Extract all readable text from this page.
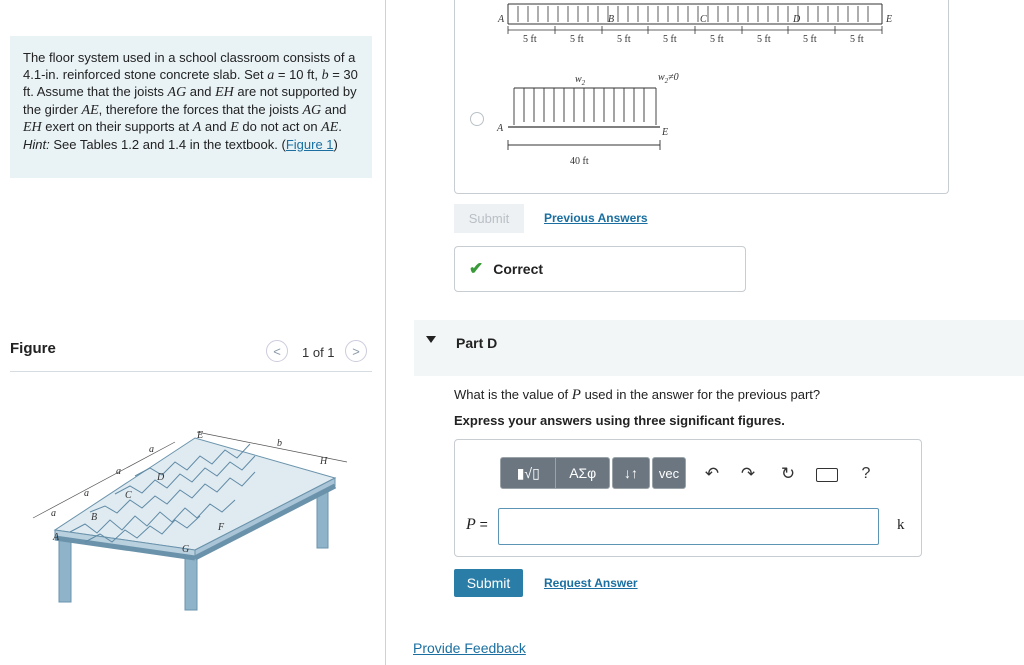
The floor system used in a school classroom consists of a 4.1-in. reinforced stone concrete slab. Set a = 10 ft, b = 30 ft. Assume that the joists AG and EH are not supported by the girder AE, therefore the forces that the joists AG and EH exert on their supports at A and E do not act on AE. Hint: See Tables 1.2 and 1.4 in the textbook. (Figure 1)
Figure	< 1 of 1 >
A
B
C
D
E
F
G
H
a
a
a
a
b
A	B	C	D	E
5 ft	5 ft	5 ft	5 ft	5 ft	5 ft	5 ft	5 ft
$w_2$	$w_2\ne 0$
A	E
40 ft
Submit	Previous Answers
✔ Correct
Part D
What is the value of P used in the answer for the previous part?
Express your answers using three significant figures.
▮√▯	ΑΣφ	↓↑	vec	↶ ↷ ↻	?
P =	k
Submit	Request Answer
Provide Feedback
